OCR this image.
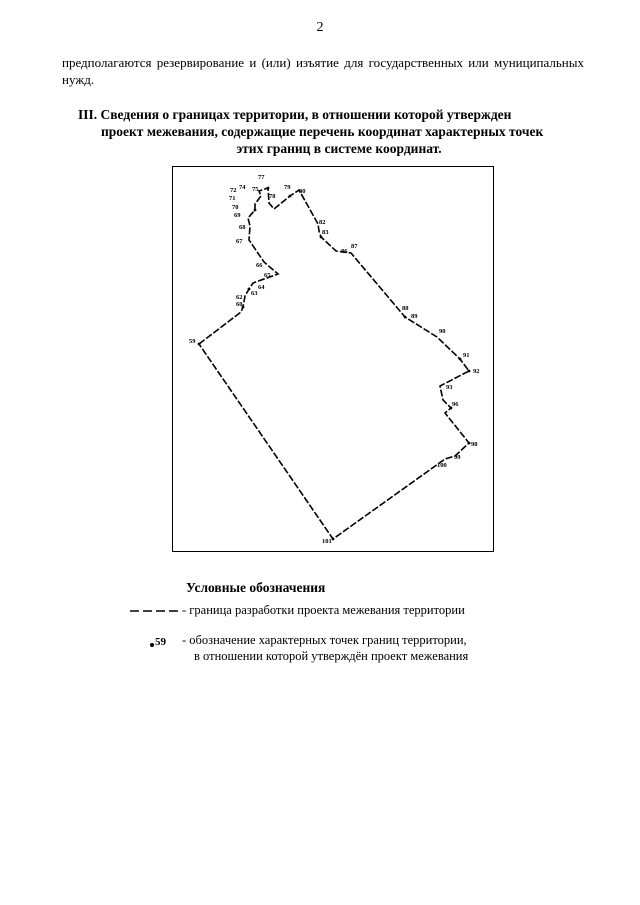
2
предполагаются резервирование и (или) изъятие для государственных или муниципальных нужд.
III. Сведения о границах территории, в отношении которой утвержден
проект межевания, содержащие перечень координат характерных точек
этих границ в системе координат.
59
60
62
63
64
65
66
67
68
69
70
71
72 74 75
77
78
79
80
82
83
86
87
88
89
90
91
92
93
96
98
99
100
101
Условные обозначения
- граница разработки проекта межевания территории
59 - обозначение характерных точек границ территории,
в отношении которой утверждён проект межевания
